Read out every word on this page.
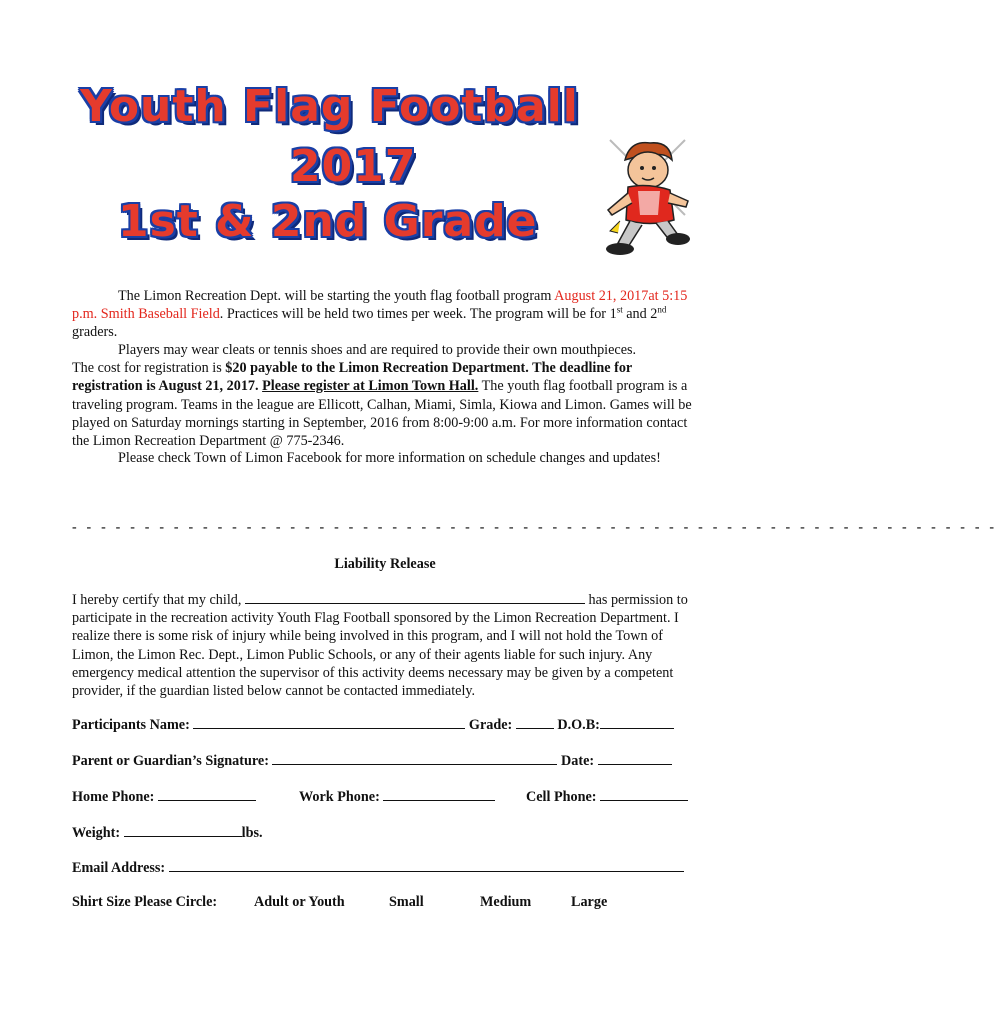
Youth Flag Football
2017
1st & 2nd Grade
The Limon Recreation Dept. will be starting the youth flag football program August 21, 2017at 5:15 p.m. Smith Baseball Field. Practices will be held two times per week. The program will be for 1st and 2nd graders.
Players may wear cleats or tennis shoes and are required to provide their own mouthpieces.
The cost for registration is $20 payable to the Limon Recreation Department. The deadline for registration is August 21, 2017. Please register at Limon Town Hall. The youth flag football program is a traveling program. Teams in the league are Ellicott, Calhan, Miami, Simla, Kiowa and Limon. Games will be played on Saturday mornings starting in September, 2016 from 8:00-9:00 a.m. For more information contact the Limon Recreation Department @ 775-2346.
Please check Town of Limon Facebook for more information on schedule changes and updates!
- - - - - - - - - - - - - - - - - - - - - - - - - - - - - - - - - - - - - - - - - - - - - - - - - - - - - - - - - - - - - - - -
Liability Release
I hereby certify that my child,	has permission to participate in the recreation activity Youth Flag Football sponsored by the Limon Recreation Department. I realize there is some risk of injury while being involved in this program, and I will not hold the Town of Limon, the Limon Rec. Dept., Limon Public Schools, or any of their agents liable for such injury. Any emergency medical attention the supervisor of this activity deems necessary may be given by a competent provider, if the guardian listed below cannot be contacted immediately.
Participants Name:	Grade:	D.O.B:
Parent or Guardian’s Signature:	Date:
Home Phone:	Work Phone:	Cell Phone:
Weight:	lbs.
Email Address:
Shirt Size Please Circle:	Adult or Youth	Small	Medium	Large
